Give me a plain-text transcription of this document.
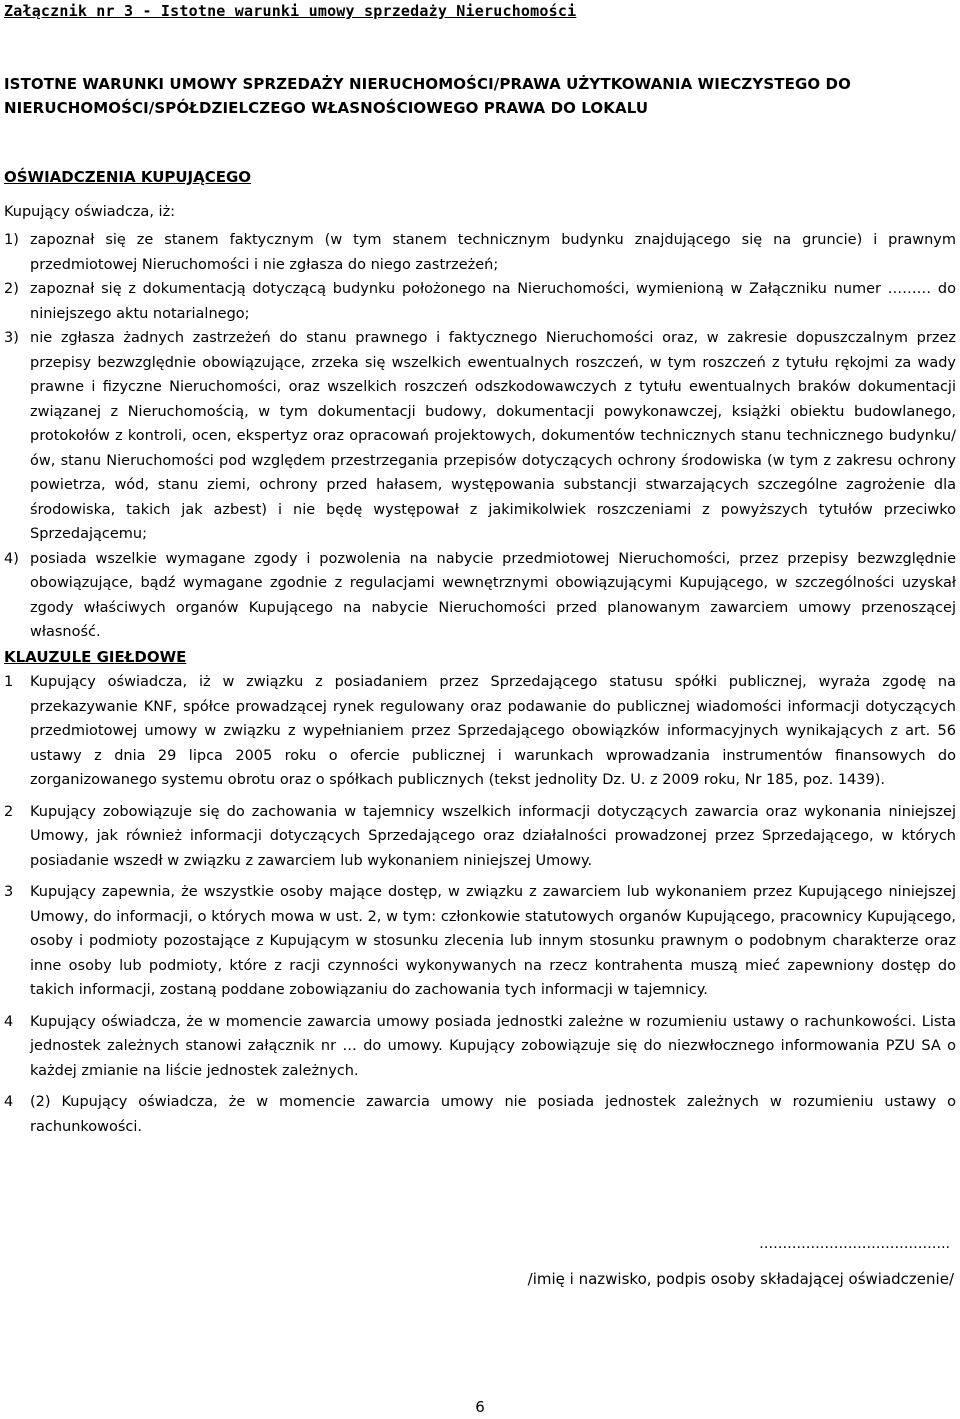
Załącznik nr 3 - Istotne warunki umowy sprzedaży Nieruchomości
ISTOTNE WARUNKI UMOWY SPRZEDAŻY NIERUCHOMOŚCI/PRAWA UŻYTKOWANIA WIECZYSTEGO DO NIERUCHOMOŚCI/SPÓŁDZIELCZEGO WŁASNOŚCIOWEGO PRAWA DO LOKALU
OŚWIADCZENIA KUPUJĄCEGO
Kupujący oświadcza, iż:
1) zapoznał się ze stanem faktycznym (w tym stanem technicznym budynku znajdującego się na gruncie) i prawnym przedmiotowej Nieruchomości i nie zgłasza do niego zastrzeżeń;
2) zapoznał się z dokumentacją dotyczącą budynku położonego na Nieruchomości, wymienioną w Załączniku numer ……… do niniejszego aktu notarialnego;
3) nie zgłasza żadnych zastrzeżeń do stanu prawnego i faktycznego Nieruchomości oraz, w zakresie dopuszczalnym przez przepisy bezwzględnie obowiązujące, zrzeka się wszelkich ewentualnych roszczeń, w tym roszczeń z tytułu rękojmi za wady prawne i fizyczne Nieruchomości, oraz wszelkich roszczeń odszkodowawczych z tytułu ewentualnych braków dokumentacji związanej z Nieruchomością, w tym dokumentacji budowy, dokumentacji powykonawczej, książki obiektu budowlanego, protokołów z kontroli, ocen, ekspertyz oraz opracowań projektowych, dokumentów technicznych stanu technicznego budynku/ów, stanu Nieruchomości pod względem przestrzegania przepisów dotyczących ochrony środowiska (w tym z zakresu ochrony powietrza, wód, stanu ziemi, ochrony przed hałasem, występowania substancji stwarzających szczególne zagrożenie dla środowiska, takich jak azbest) i nie będę występował z jakimikolwiek roszczeniami z powyższych tytułów przeciwko Sprzedającemu;
4) posiada wszelkie wymagane zgody i pozwolenia na nabycie przedmiotowej Nieruchomości, przez przepisy bezwzględnie obowiązujące, bądź wymagane zgodnie z regulacjami wewnętrznymi obowiązującymi Kupującego, w szczególności uzyskał zgody właściwych organów Kupującego na nabycie Nieruchomości przed planowanym zawarciem umowy przenoszącej własność.
KLAUZULE GIEŁDOWE
1 Kupujący oświadcza, iż w związku z posiadaniem przez Sprzedającego statusu spółki publicznej, wyraża zgodę na przekazywanie KNF, spółce prowadzącej rynek regulowany oraz podawanie do publicznej wiadomości informacji dotyczących przedmiotowej umowy w związku z wypełnianiem przez Sprzedającego obowiązków informacyjnych wynikających z art. 56 ustawy z dnia 29 lipca 2005 roku o ofercie publicznej i warunkach wprowadzania instrumentów finansowych do zorganizowanego systemu obrotu oraz o spółkach publicznych (tekst jednolity Dz. U. z 2009 roku, Nr 185, poz. 1439).
2 Kupujący zobowiązuje się do zachowania w tajemnicy wszelkich informacji dotyczących zawarcia oraz wykonania niniejszej Umowy, jak również informacji dotyczących Sprzedającego oraz działalności prowadzonej przez Sprzedającego, w których posiadanie wszedł w związku z zawarciem lub wykonaniem niniejszej Umowy.
3 Kupujący zapewnia, że wszystkie osoby mające dostęp, w związku z zawarciem lub wykonaniem przez Kupującego niniejszej Umowy, do informacji, o których mowa w ust. 2, w tym: członkowie statutowych organów Kupującego, pracownicy Kupującego, osoby i podmioty pozostające z Kupującym w stosunku zlecenia lub innym stosunku prawnym o podobnym charakterze oraz inne osoby lub podmioty, które z racji czynności wykonywanych na rzecz kontrahenta muszą mieć zapewniony dostęp do takich informacji, zostaną poddane zobowiązaniu do zachowania tych informacji w tajemnicy.
4 Kupujący oświadcza, że w momencie zawarcia umowy posiada jednostki zależne w rozumieniu ustawy o rachunkowości. Lista jednostek zależnych stanowi załącznik nr … do umowy. Kupujący zobowiązuje się do niezwłocznego informowania PZU SA o każdej zmianie na liście jednostek zależnych.
4 (2) Kupujący oświadcza, że w momencie zawarcia umowy nie posiada jednostek zależnych w rozumieniu ustawy o rachunkowości.
…………………………………..
/imię i nazwisko, podpis osoby składającej oświadczenie/
6
